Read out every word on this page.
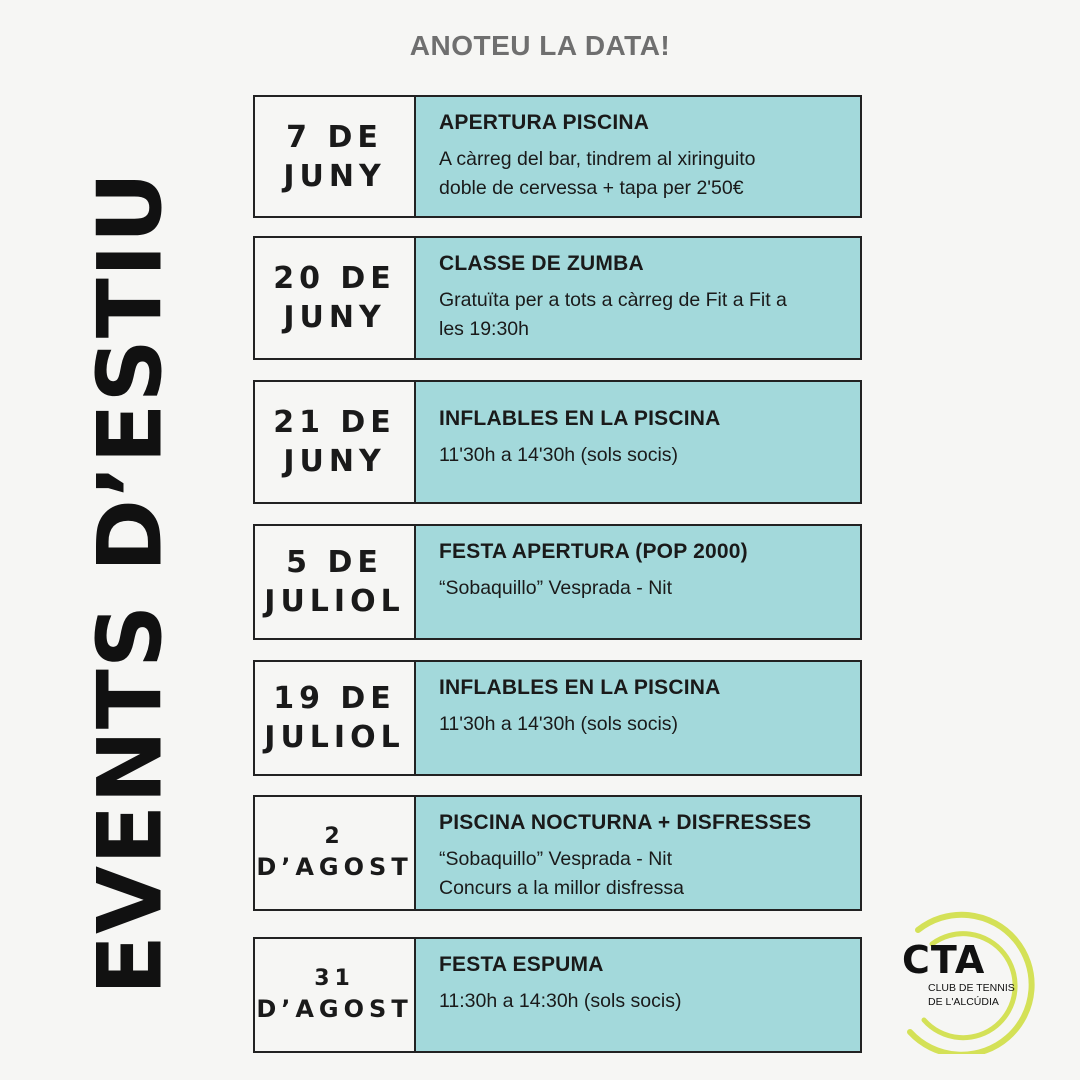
ANOTEU LA DATA!
EVENTS D’ESTIU
7 DE
JUNY
APERTURA PISCINA
A càrreg del bar, tindrem al xiringuito
doble de cervessa + tapa per 2'50€
20 DE
JUNY
CLASSE DE ZUMBA
Gratuïta per a tots a càrreg de Fit a Fit a
les 19:30h
21 DE
JUNY
INFLABLES EN LA PISCINA
11'30h a 14'30h (sols socis)
5 DE
JULIOL
FESTA APERTURA (POP 2000)
“Sobaquillo” Vesprada - Nit
19 DE
JULIOL
INFLABLES EN LA PISCINA
11'30h a 14'30h (sols socis)
2
D’AGOST
PISCINA NOCTURNA + DISFRESSES
“Sobaquillo” Vesprada - Nit
Concurs a la millor disfressa
31
D’AGOST
FESTA ESPUMA
11:30h a 14:30h (sols socis)
CTA
CLUB DE TENNIS
DE L'ALCÚDIA
